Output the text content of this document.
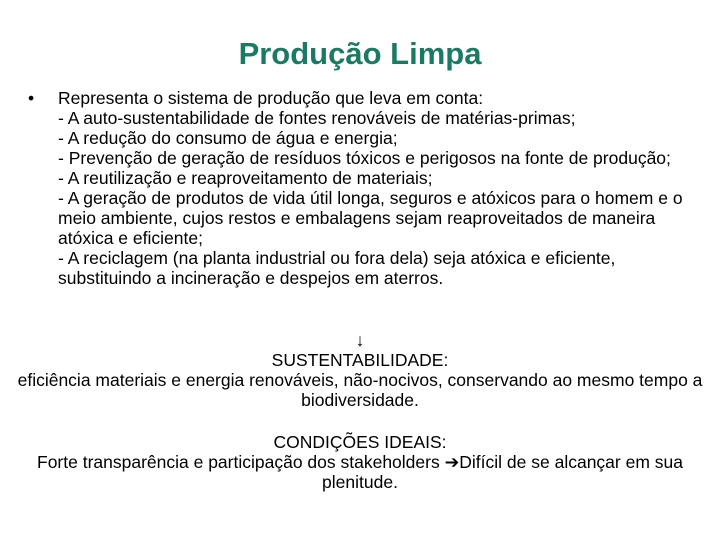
Produção Limpa
•	Representa o sistema de produção que leva em conta:
- A auto-sustentabilidade de fontes renováveis de matérias-primas;
- A redução do consumo de água e energia;
- Prevenção de geração de resíduos tóxicos e perigosos na fonte de produção;
- A reutilização e reaproveitamento de materiais;
- A geração de produtos de vida útil longa, seguros e atóxicos para o homem e o meio ambiente, cujos restos e embalagens sejam reaproveitados de maneira atóxica e eficiente;
- A reciclagem (na planta industrial ou fora dela) seja atóxica e eficiente, substituindo a incineração e despejos em aterros.
↓
SUSTENTABILIDADE:
eficiência materiais e energia renováveis, não-nocivos, conservando ao mesmo tempo a biodiversidade.
CONDIÇÕES IDEAIS:
Forte transparência e participação dos stakeholders ➔Difícil de se alcançar em sua plenitude.
